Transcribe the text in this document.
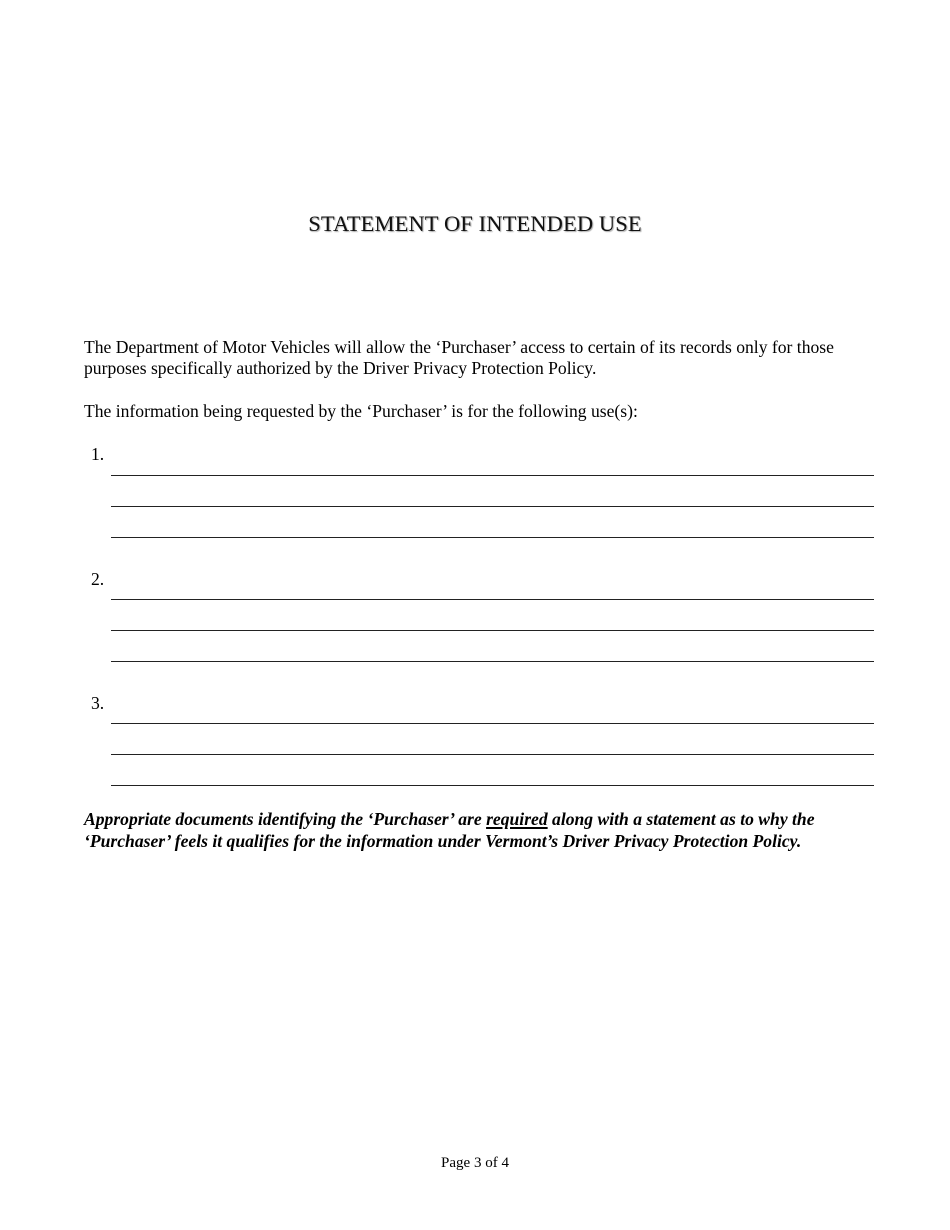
STATEMENT OF INTENDED USE

The Department of Motor Vehicles will allow the ‘Purchaser’ access to certain of its records only for those purposes specifically authorized by the Driver Privacy Protection Policy.

The information being requested by the ‘Purchaser’ is for the following use(s):

1.
2.
3.

Appropriate documents identifying the ‘Purchaser’ are required along with a statement as to why the ‘Purchaser’ feels it qualifies for the information under Vermont’s Driver Privacy Protection Policy.

Page 3 of 4
